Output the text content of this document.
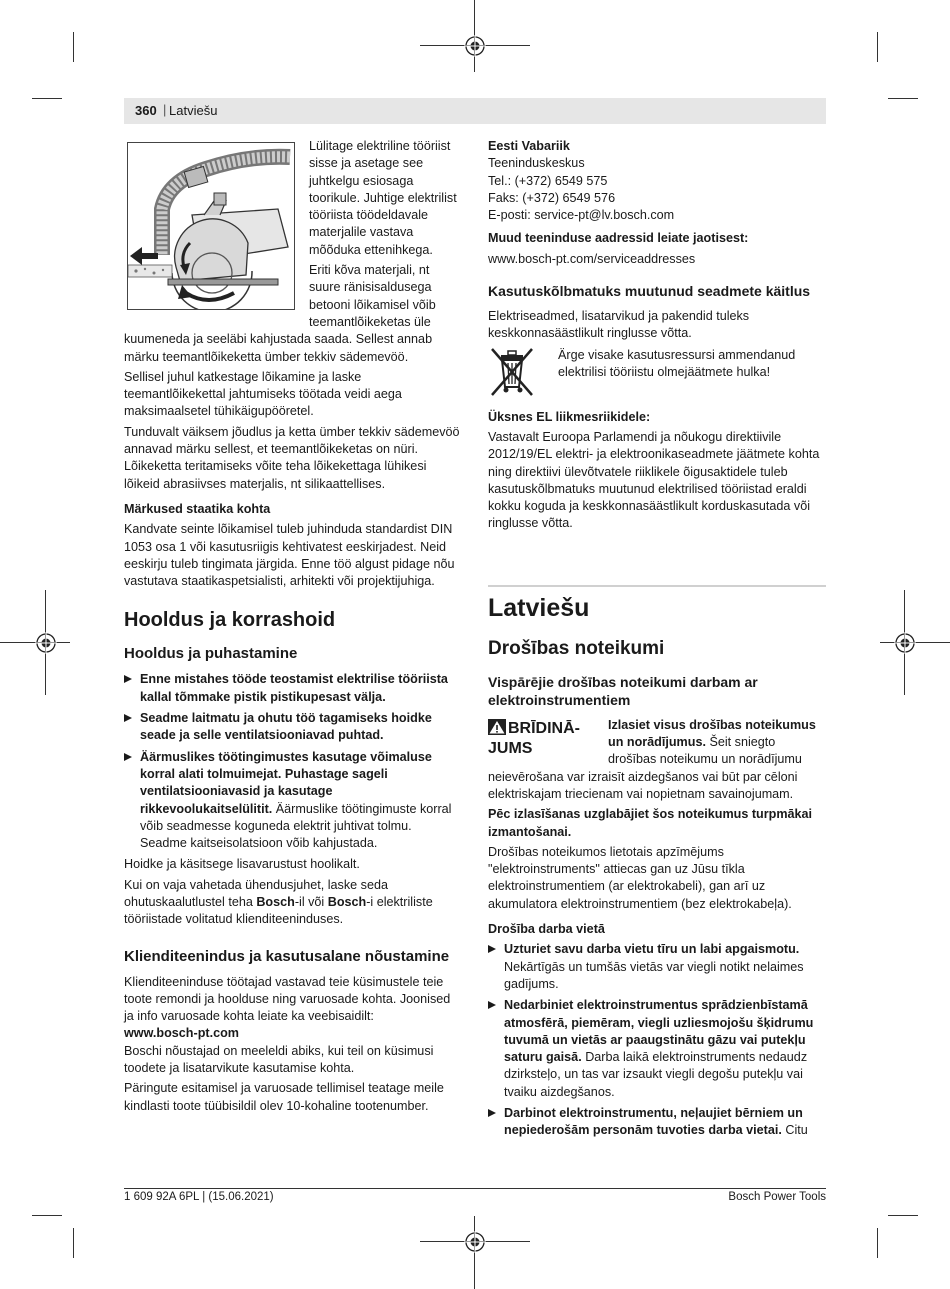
360 | Latviešu

Lülitage elektriline tööriist sisse ja asetage see juhtkelgu esiosaga toorikule. Juhtige elektrilist tööriista töödeldavale materjalile vastava mõõduka ettenihkega.

Eriti kõva materjali, nt suure ränisisaldusega betooni lõikamisel võib teemantlõikeketas üle kuumeneda ja seeläbi kahjustada saada. Sellest annab märku teemantlõikeketta ümber tekkiv sädemevöö.

Sellisel juhul katkestage lõikamine ja laske teemantlõikekettal jahtumiseks töötada veidi aega maksimaalsetel tühikäigupööretel.

Tunduvalt väiksem jõudlus ja ketta ümber tekkiv sädemevöö annavad märku sellest, et teemantlõikeketas on nüri. Lõikeketta teritamiseks võite teha lõikekettaga lühikesi lõikeid abrasiivses materjalis, nt silikaattellises.

Märkused staatika kohta

Kandvate seinte lõikamisel tuleb juhinduda standardist DIN 1053 osa 1 või kasutusriigis kehtivatest eeskirjadest. Neid eeskirju tuleb tingimata järgida. Enne töö algust pidage nõu vastutava staatikaspetsialisti, arhitekti või projektijuhiga.

Hooldus ja korrashoid
Hooldus ja puhastamine
Enne mistahes tööde teostamist elektrilise tööriista kallal tõmmake pistik pistikupesast välja.
Seadme laitmatu ja ohutu töö tagamiseks hoidke seade ja selle ventilatsiooniavad puhtad.
Äärmuslikes töötingimustes kasutage võimaluse korral alati tolmuimejat. Puhastage sageli ventilatsiooniavasid ja kasutage rikkevoolukaitselülitit. Äärmuslike töötingimuste korral võib seadmesse koguneda elektrit juhtivat tolmu. Seadme kaitseisolatsioon võib kahjustada.

Hoidke ja käsitsege lisavarustust hoolikalt.

Kui on vaja vahetada ühendusjuhet, laske seda ohutuskaalutlustel teha Bosch-il või Bosch-i elektriliste tööriistade volitatud klienditeeninduses.

Klienditeenindus ja kasutusalane nõustamine

Klienditeeninduse töötajad vastavad teie küsimustele teie toote remondi ja hoolduse ning varuosade kohta. Joonised ja info varuosade kohta leiate ka veebisaidilt:
www.bosch-pt.com

Boschi nõustajad on meeleldi abiks, kui teil on küsimusi toodete ja lisatarvikute kasutamise kohta.

Päringute esitamisel ja varuosade tellimisel teatage meile kindlasti toote tüübisildil olev 10-kohaline tootenumber.

Eesti Vabariik
Teeninduskeskus
Tel.: (+372) 6549 575
Faks: (+372) 6549 576
E-posti: service-pt@lv.bosch.com

Muud teeninduse aadressid leiate jaotisest:

www.bosch-pt.com/serviceaddresses

Kasutuskõlbmatuks muutunud seadmete käitlus

Elektriseadmed, lisatarvikud ja pakendid tuleks keskkonnasäästlikult ringlusse võtta.

Ärge visake kasutusressursi ammendanud elektrilisi tööriistu olmejäätmete hulka!
Üksnes EL liikmesriikidele:

Vastavalt Euroopa Parlamendi ja nõukogu direktiivile 2012/19/EL elektri- ja elektroonikaseadmete jäätmete kohta ning direktiivi ülevõtvatele riiklikele õigusaktidele tuleb kasutuskõlbmatuks muutunud elektrilised tööriistad eraldi kokku koguda ja keskkonnasäästlikult korduskasutada või ringlusse võtta.

Latviešu
Drošības noteikumi
Vispārējie drošības noteikumi darbam ar elektroinstrumentiem
BRĪDINĀ-
JUMS

Izlasiet visus drošības noteikumus un norādījumus. Šeit sniegto drošības noteikumu un norādījumu neievērošana var izraisīt aizdegšanos vai būt par cēloni elektriskajam triecienam vai nopietnam savainojumam.

Pēc izlasīšanas uzglabājiet šos noteikumus turpmākai izmantošanai.

Drošības noteikumos lietotais apzīmējums "elektroinstruments" attiecas gan uz Jūsu tīkla elektroinstrumentiem (ar elektrokabeli), gan arī uz akumulatora elektroinstrumentiem (bez elektrokabeļa).

Drošība darba vietā
Uzturiet savu darba vietu tīru un labi apgaismotu. Nekārtīgās un tumšās vietās var viegli notikt nelaimes gadījums.
Nedarbiniet elektroinstrumentus sprādzienbīstamā atmosfērā, piemēram, viegli uzliesmojošu šķidrumu tuvumā un vietās ar paaugstinātu gāzu vai putekļu saturu gaisā. Darba laikā elektroinstruments nedaudz dzirksteļo, un tas var izsaukt viegli degošu putekļu vai tvaiku aizdegšanos.
Darbinot elektroinstrumentu, neļaujiet bērniem un nepiederošām personām tuvoties darba vietai. Citu
1 609 92A 6PL | (15.06.2021)	Bosch Power Tools
